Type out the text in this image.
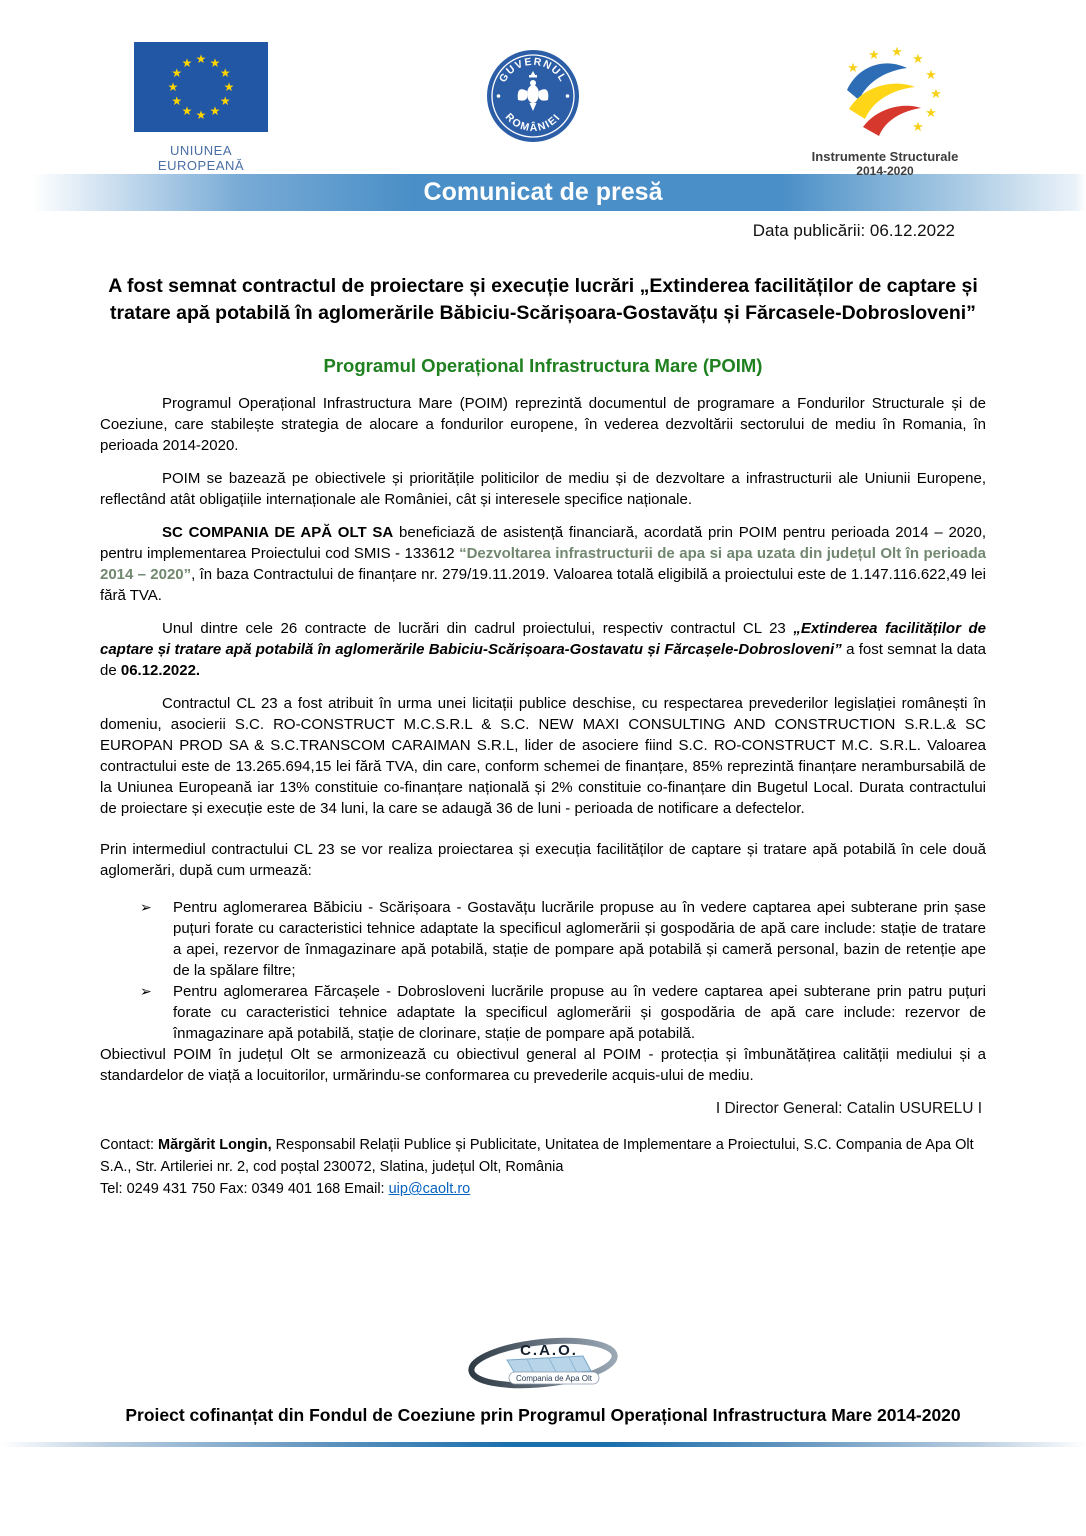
★ ★
★
★
★
★
★
★
★
★
★
★
UNIUNEA EUROPEANĂ
GUVERNUL
ROMÂNIEI
★
★ ★ ★
★
★
★
★
Instrumente Structurale
2014-2020
Comunicat de presă
Data publicării: 06.12.2022
A fost semnat contractul de proiectare și execuție lucrări „Extinderea facilităților de captare și tratare apă potabilă în aglomerările Băbiciu-Scărișoara-Gostavățu și Fărcasele-Dobrosloveni”
Programul Operațional Infrastructura Mare (POIM)

Programul Operațional Infrastructura Mare (POIM) reprezintă documentul de programare a Fondurilor Structurale și de Coeziune, care stabilește strategia de alocare a fondurilor europene, în vederea dezvoltării sectorului de mediu în Romania, în perioada 2014-2020.

POIM se bazează pe obiectivele și prioritățile politicilor de mediu și de dezvoltare a infrastructurii ale Uniunii Europene, reflectând atât obligațiile internaționale ale României, cât și interesele specifice naționale.

SC COMPANIA DE APĂ OLT SA beneficiază de asistență financiară, acordată prin POIM pentru perioada 2014 – 2020, pentru implementarea Proiectului cod SMIS - 133612 “Dezvoltarea infrastructurii de apa si apa uzata din județul Olt în perioada 2014 – 2020”, în baza Contractului de finanțare nr. 279/19.11.2019. Valoarea totală eligibilă a proiectului este de 1.147.116.622,49 lei fără TVA.

Unul dintre cele 26 contracte de lucrări din cadrul proiectului, respectiv contractul CL 23 „Extinderea facilităților de captare și tratare apă potabilă în aglomerările Babiciu-Scărișoara-Gostavatu și Fărcașele-Dobrosloveni” a fost semnat la data de 06.12.2022.

Contractul CL 23 a fost atribuit în urma unei licitații publice deschise, cu respectarea prevederilor legislației românești în domeniu, asocierii S.C. RO-CONSTRUCT M.C.S.R.L & S.C. NEW MAXI CONSULTING AND CONSTRUCTION S.R.L.& SC EUROPAN PROD SA & S.C.TRANSCOM CARAIMAN S.R.L, lider de asociere fiind S.C. RO-CONSTRUCT M.C. S.R.L. Valoarea contractului este de 13.265.694,15 lei fără TVA, din care, conform schemei de finanțare, 85% reprezintă finanțare nerambursabilă de la Uniunea Europeană iar 13% constituie co-finanțare națională și 2% constituie co-finanțare din Bugetul Local. Durata contractului de proiectare și execuție este de 34 luni, la care se adaugă 36 de luni - perioada de notificare a defectelor.

Prin intermediul contractului CL 23 se vor realiza proiectarea și execuția facilităților de captare și tratare apă potabilă în cele două aglomerări, după cum urmează:

➢ Pentru aglomerarea Băbiciu - Scărișoara - Gostavățu lucrările propuse au în vedere captarea apei subterane prin șase puțuri forate cu caracteristici tehnice adaptate la specificul aglomerării și gospodăria de apă care include: stație de tratare a apei, rezervor de înmagazinare apă potabilă, stație de pompare apă potabilă și cameră personal, bazin de retenție ape de la spălare filtre;
➢ Pentru aglomerarea Fărcașele - Dobrosloveni lucrările propuse au în vedere captarea apei subterane prin patru puțuri forate cu caracteristici tehnice adaptate la specificul aglomerării și gospodăria de apă care include: rezervor de înmagazinare apă potabilă, stație de clorinare, stație de pompare apă potabilă.

Obiectivul POIM în județul Olt se armonizează cu obiectivul general al POIM - protecția și îmbunătățirea calității mediului și a standardelor de viață a locuitorilor, urmărindu-se conformarea cu prevederile acquis-ului de mediu.

I Director General: Catalin USURELU I

Contact: Mărgărit Longin, Responsabil Relații Publice și Publicitate, Unitatea de Implementare a Proiectului, S.C. Compania de Apa Olt S.A., Str. Artileriei nr. 2, cod poștal 230072, Slatina, județul Olt, România

Tel: 0249 431 750 Fax: 0349 401 168 Email: uip@caolt.ro

C.A.O.
Compania de Apa Olt
Proiect cofinanțat din Fondul de Coeziune prin Programul Operațional Infrastructura Mare 2014-2020
